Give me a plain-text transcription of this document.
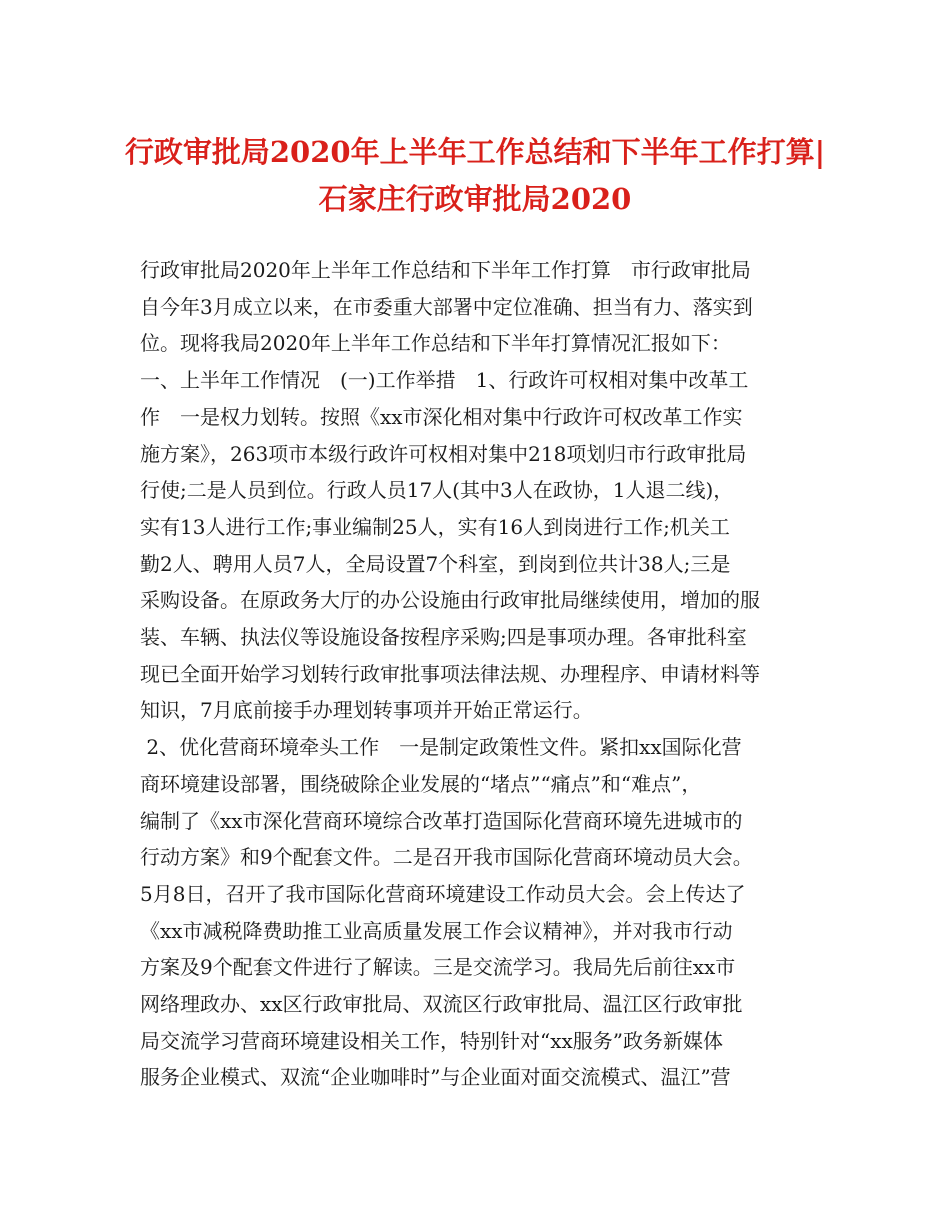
行政审批局2020年上半年工作总结和下半年工作打算|
石家庄行政审批局2020
行政审批局2020年上半年工作总结和下半年工作打算　市行政审批局
自今年3月成立以来，在市委重大部署中定位准确、担当有力、落实到
位。现将我局2020年上半年工作总结和下半年打算情况汇报如下：
一、上半年工作情况　(一)工作举措　1、行政许可权相对集中改革工
作　一是权力划转。按照《xx市深化相对集中行政许可权改革工作实
施方案》，263项市本级行政许可权相对集中218项划归市行政审批局
行使;二是人员到位。行政人员17人(其中3人在政协，1人退二线)，
实有13人进行工作;事业编制25人，实有16人到岗进行工作;机关工
勤2人、聘用人员7人，全局设置7个科室，到岗到位共计38人;三是
采购设备。在原政务大厅的办公设施由行政审批局继续使用，增加的服
装、车辆、执法仪等设施设备按程序采购;四是事项办理。各审批科室
现已全面开始学习划转行政审批事项法律法规、办理程序、申请材料等
知识，7月底前接手办理划转事项并开始正常运行。
2、优化营商环境牵头工作　一是制定政策性文件。紧扣xx国际化营
商环境建设部署，围绕破除企业发展的“堵点”“痛点”和“难点”，
编制了《xx市深化营商环境综合改革打造国际化营商环境先进城市的
行动方案》和9个配套文件。二是召开我市国际化营商环境动员大会。
5月8日，召开了我市国际化营商环境建设工作动员大会。会上传达了
《xx市减税降费助推工业高质量发展工作会议精神》，并对我市行动
方案及9个配套文件进行了解读。三是交流学习。我局先后前往xx市
网络理政办、xx区行政审批局、双流区行政审批局、温江区行政审批
局交流学习营商环境建设相关工作，特别针对“xx服务”政务新媒体
服务企业模式、双流“企业咖啡时”与企业面对面交流模式、温江”营
